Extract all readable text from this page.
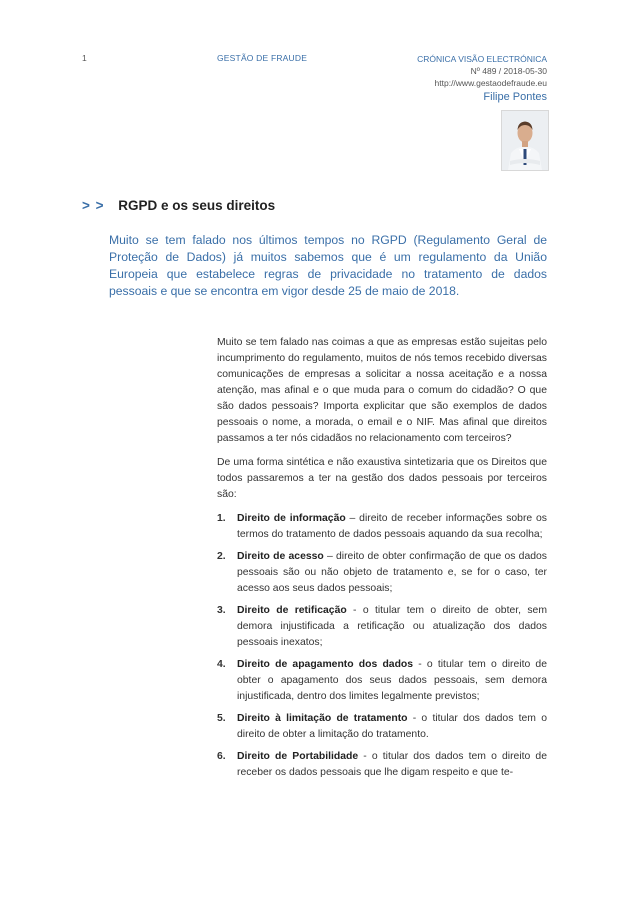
1	GESTÃO DE FRAUDE	CRÓNICA VISÃO ELECTRÓNICA
Nº 489 / 2018-05-30
http://www.gestaodefraude.eu
Filipe Pontes
> > RGPD e os seus direitos
Muito se tem falado nos últimos tempos no RGPD (Regulamento Geral de Proteção de Dados) já muitos sabemos que é um regulamento da União Europeia que estabelece regras de privacidade no tratamento de dados pessoais e que se encontra em vigor desde 25 de maio de 2018.

Muito se tem falado nas coimas a que as empresas estão sujeitas pelo incumprimento do regulamento, muitos de nós temos recebido diversas comunicações de empresas a solicitar a nossa aceitação e a nossa atenção, mas afinal e o que muda para o comum do cidadão? O que são dados pessoais? Importa explicitar que são exemplos de dados pessoais o nome, a morada, o email e o NIF. Mas afinal que direitos passamos a ter nós cidadãos no relacionamento com terceiros?

De uma forma sintética e não exaustiva sintetizaria que os Direitos que todos passaremos a ter na gestão dos dados pessoais por terceiros são:

1. Direito de informação – direito de receber informações sobre os termos do tratamento de dados pessoais aquando da sua recolha;
2. Direito de acesso – direito de obter confirmação de que os dados pessoais são ou não objeto de tratamento e, se for o caso, ter acesso aos seus dados pessoais;
3. Direito de retificação - o titular tem o direito de obter, sem demora injustificada a retificação ou atualização dos dados pessoais inexatos;
4. Direito de apagamento dos dados - o titular tem o direito de obter o apagamento dos seus dados pessoais, sem demora injustificada, dentro dos limites legalmente previstos;
5. Direito à limitação de tratamento - o titular dos dados tem o direito de obter a limitação do tratamento.
6. Direito de Portabilidade - o titular dos dados tem o direito de receber os dados pessoais que lhe digam respeito e que te-
